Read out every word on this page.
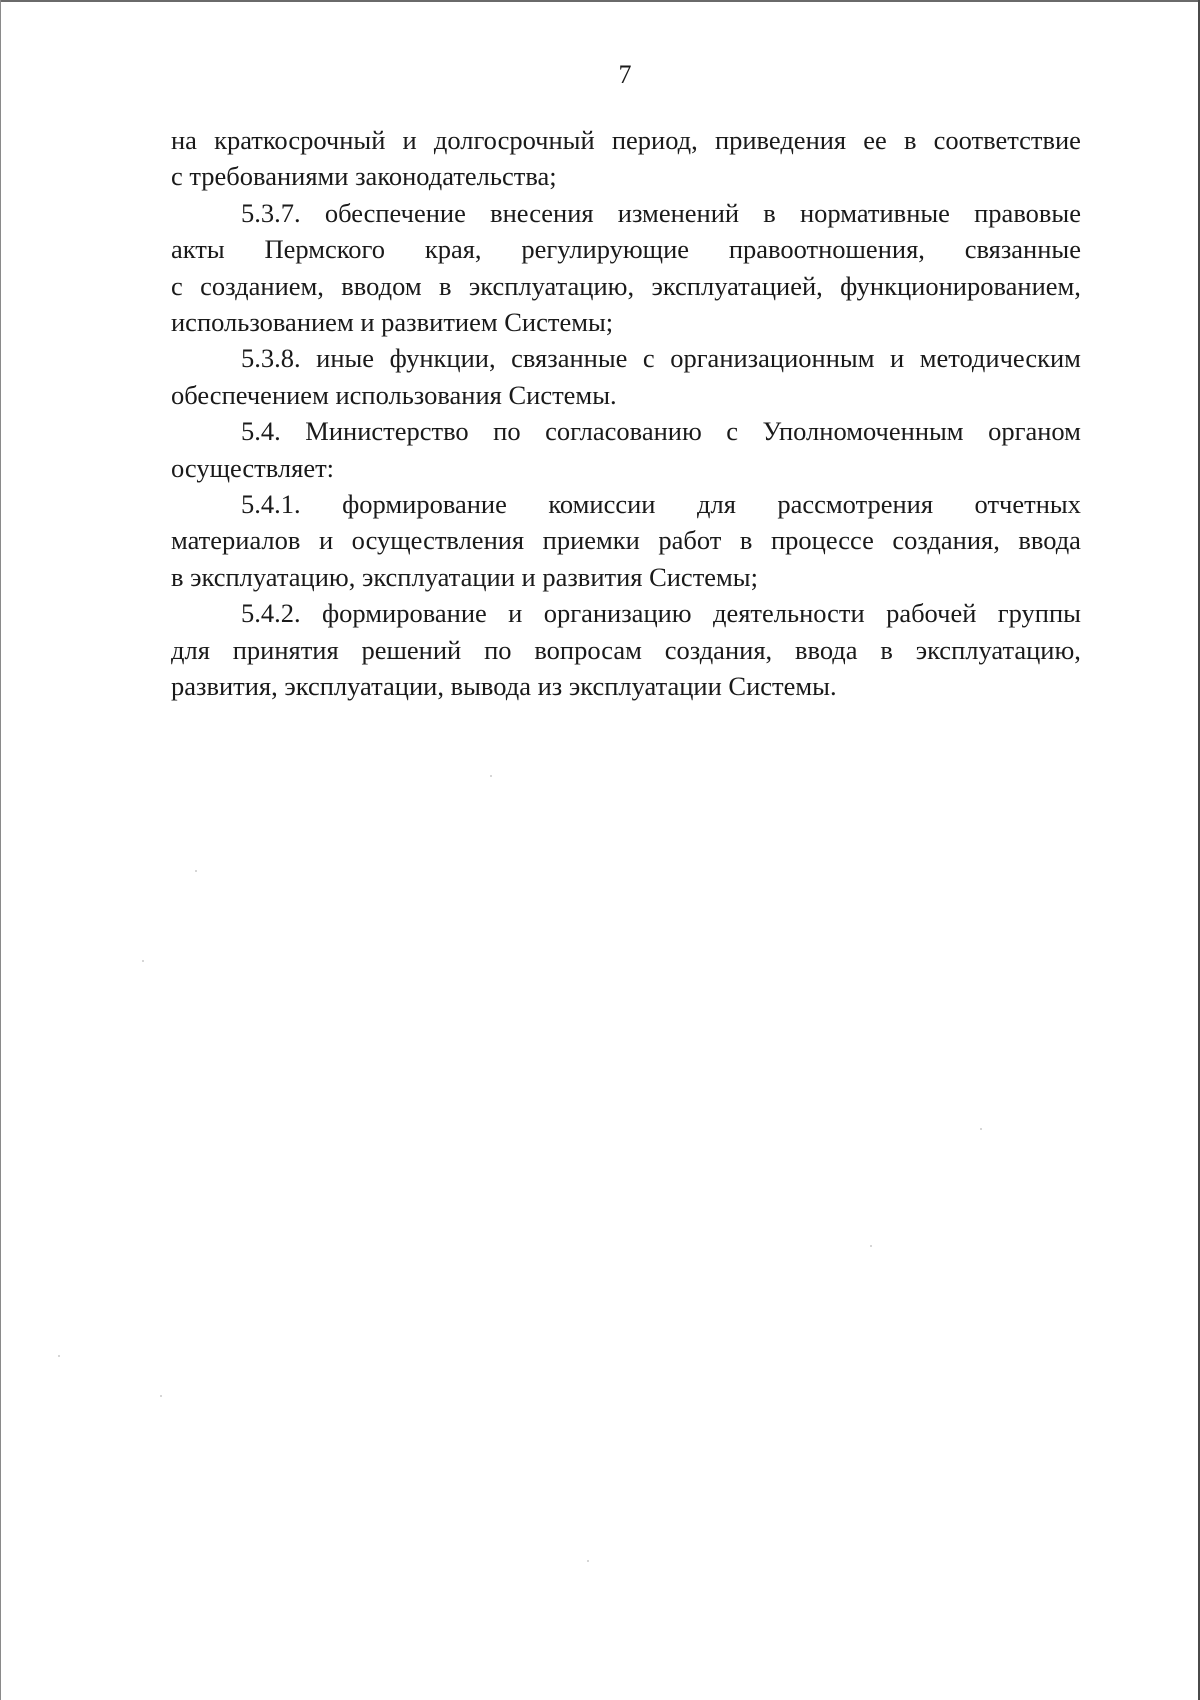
7

на краткосрочный и долгосрочный период, приведения ее в соответствие
с требованиями законодательства;

5.3.7. обеспечение внесения изменений в нормативные правовые
акты Пермского края, регулирующие правоотношения, связанные
с созданием, вводом в эксплуатацию, эксплуатацией, функционированием,
использованием и развитием Системы;

5.3.8. иные функции, связанные с организационным и методическим
обеспечением использования Системы.

5.4. Министерство по согласованию с Уполномоченным органом
осуществляет:

5.4.1. формирование комиссии для рассмотрения отчетных
материалов и осуществления приемки работ в процессе создания, ввода
в эксплуатацию, эксплуатации и развития Системы;

5.4.2. формирование и организацию деятельности рабочей группы
для принятия решений по вопросам создания, ввода в эксплуатацию,
развития, эксплуатации, вывода из эксплуатации Системы.
